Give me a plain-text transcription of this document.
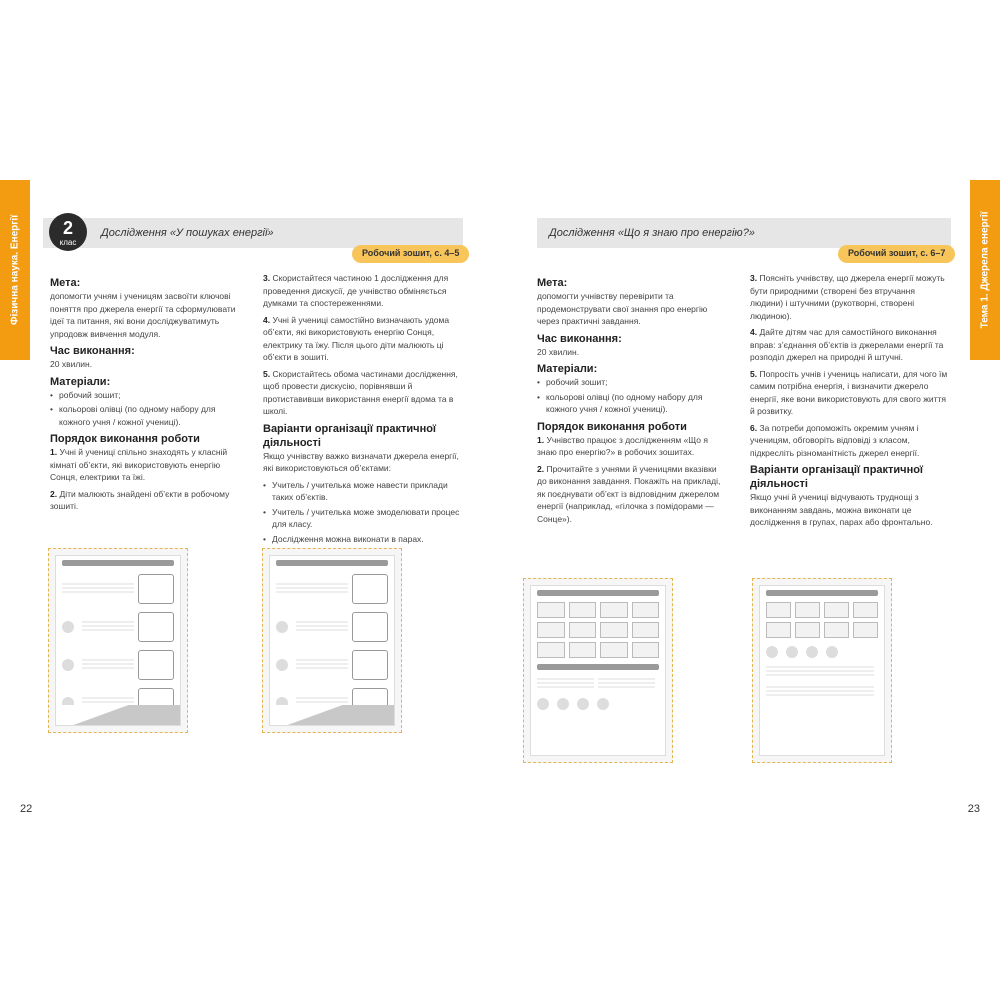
Фізична наука. Енергії	Тема 1. Джерела енергії
Дослідження «У пошуках енергії»	Дослідження «Що я знаю про енергію?»
2
клас
Робочий зошит, с. 4–5	Робочий зошит, с. 6–7
Мета:

допомогти учням і ученицям засвоїти ключові поняття про джерела енергії та сформулювати ідеї та питання, які вони досліджуватимуть упродовж вивчення модуля.

Час виконання:

20 хвилин.

Матеріали:
• робочий зошит;
• кольорові олівці (по одному набору для кожного учня / кожної учениці).
Порядок виконання роботи

1. Учні й учениці спільно знаходять у класній кімнаті об’єкти, які використовують енергію Сонця, електрики та їжі.

2. Діти малюють знайдені об’єкти в робочому зошиті.

3. Скористайтеся частиною 1 дослідження для проведення дискусії, де учнівство обміняється думками та спостереженнями.

4. Учні й учениці самостійно визначають удома об’єкти, які використовують енергію Сонця, електрику та їжу. Після цього діти малюють ці об’єкти в зошиті.

5. Скористайтесь обома частинами дослідження, щоб провести дискусію, порівнявши й протиставивши використання енергії вдома та в школі.

Варіанти організації практичної діяльності

Якщо учнівству важко визначати джерела енергії, які використовуються об’єктами:

• Учитель / учителька може навести приклади таких об’єктів.
• Учитель / учителька може змоделювати процес для класу.
• Дослідження можна виконати в парах.
Мета:

допомогти учнівству перевірити та продемонструвати свої знання про енергію через практичні завдання.

Час виконання:

20 хвилин.

Матеріали:
• робочий зошит;
• кольорові олівці (по одному набору для кожного учня / кожної учениці).
Порядок виконання роботи

1. Учнівство працює з дослідженням «Що я знаю про енергію?» в робочих зошитах.

2. Прочитайте з учнями й ученицями вказівки до виконання завдання. Покажіть на прикладі, як поєднувати об’єкт із відповідним джерелом енергії (наприклад, «гілочка з помідорами — Сонце»).

3. Поясніть учнівству, що джерела енергії можуть бути природними (створені без втручання людини) і штучними (рукотворні, створені людиною).

4. Дайте дітям час для самостійного виконання вправ: з’єднання об’єктів із джерелами енергії та розподіл джерел на природні й штучні.

5. Попросіть учнів і учениць написати, для чого їм самим потрібна енергія, і визначити джерело енергії, яке вони використовують для свого життя й розвитку.

6. За потреби допоможіть окремим учням і ученицям, обговоріть відповіді з класом, підкресліть різноманітність джерел енергії.

Варіанти організації практичної діяльності

Якщо учні й учениці відчувають труднощі з виконанням завдань, можна виконати це дослідження в групах, парах або фронтально.

22	23
